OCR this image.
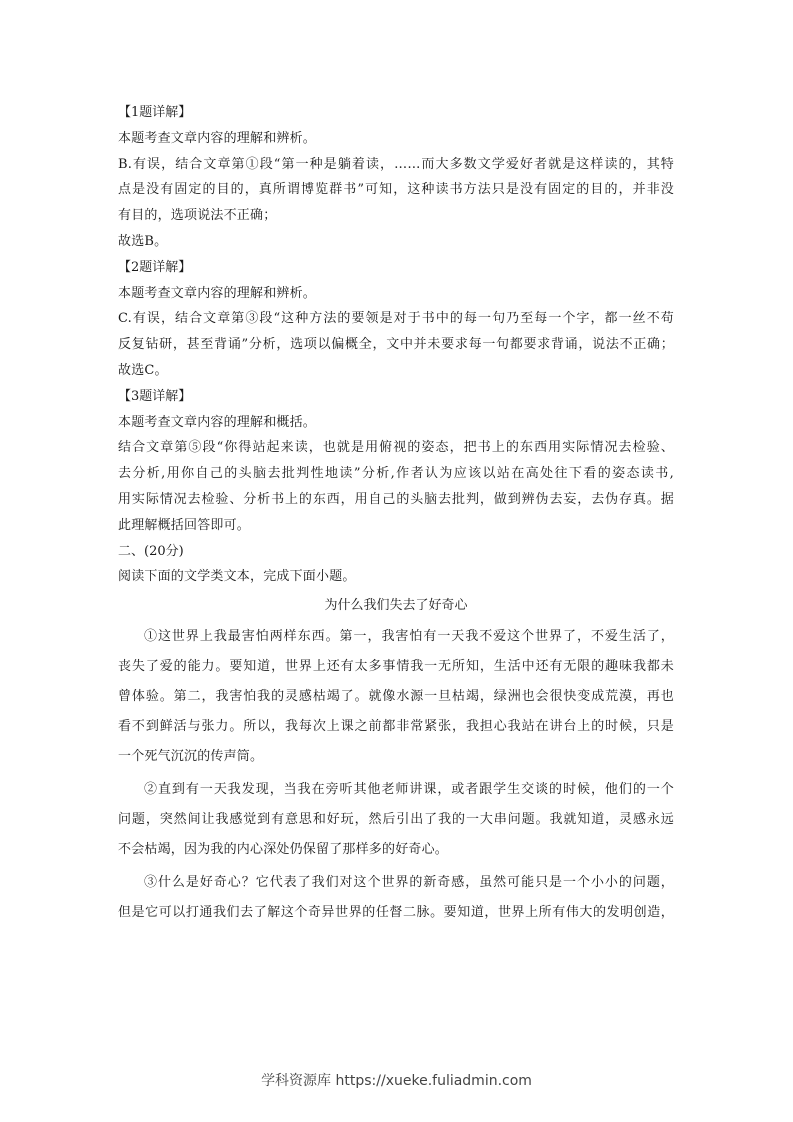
【1题详解】
本题考查文章内容的理解和辨析。
B.有误，结合文章第①段“第一种是躺着读，……而大多数文学爱好者就是这样读的，其特
点是没有固定的目的，真所谓博览群书”可知，这种读书方法只是没有固定的目的，并非没
有目的，选项说法不正确；
故选B。
【2题详解】
本题考查文章内容的理解和辨析。
C.有误，结合文章第③段“这种方法的要领是对于书中的每一句乃至每一个字，都一丝不苟
反复钻研，甚至背诵”分析，选项以偏概全，文中并未要求每一句都要求背诵，说法不正确；
故选C。
【3题详解】
本题考查文章内容的理解和概括。
结合文章第⑤段“你得站起来读，也就是用俯视的姿态，把书上的东西用实际情况去检验、
去分析,用你自己的头脑去批判性地读”分析,作者认为应该以站在高处往下看的姿态读书,
用实际情况去检验、分析书上的东西，用自己的头脑去批判，做到辨伪去妄，去伪存真。据
此理解概括回答即可。
二、(20分)
阅读下面的文学类文本，完成下面小题。
为什么我们失去了好奇心
①这世界上我最害怕两样东西。第一，我害怕有一天我不爱这个世界了，不爱生活了，
丧失了爱的能力。要知道，世界上还有太多事情我一无所知，生活中还有无限的趣味我都未
曾体验。第二，我害怕我的灵感枯竭了。就像水源一旦枯竭，绿洲也会很快变成荒漠，再也
看不到鲜活与张力。所以，我每次上课之前都非常紧张，我担心我站在讲台上的时候，只是
一个死气沉沉的传声筒。
②直到有一天我发现，当我在旁听其他老师讲课，或者跟学生交谈的时候，他们的一个
问题，突然间让我感觉到有意思和好玩，然后引出了我的一大串问题。我就知道，灵感永远
不会枯竭，因为我的内心深处仍保留了那样多的好奇心。
③什么是好奇心？它代表了我们对这个世界的新奇感，虽然可能只是一个小小的问题，
但是它可以打通我们去了解这个奇异世界的任督二脉。要知道，世界上所有伟大的发明创造，
学科资源库 https://xueke.fuliadmin.com
